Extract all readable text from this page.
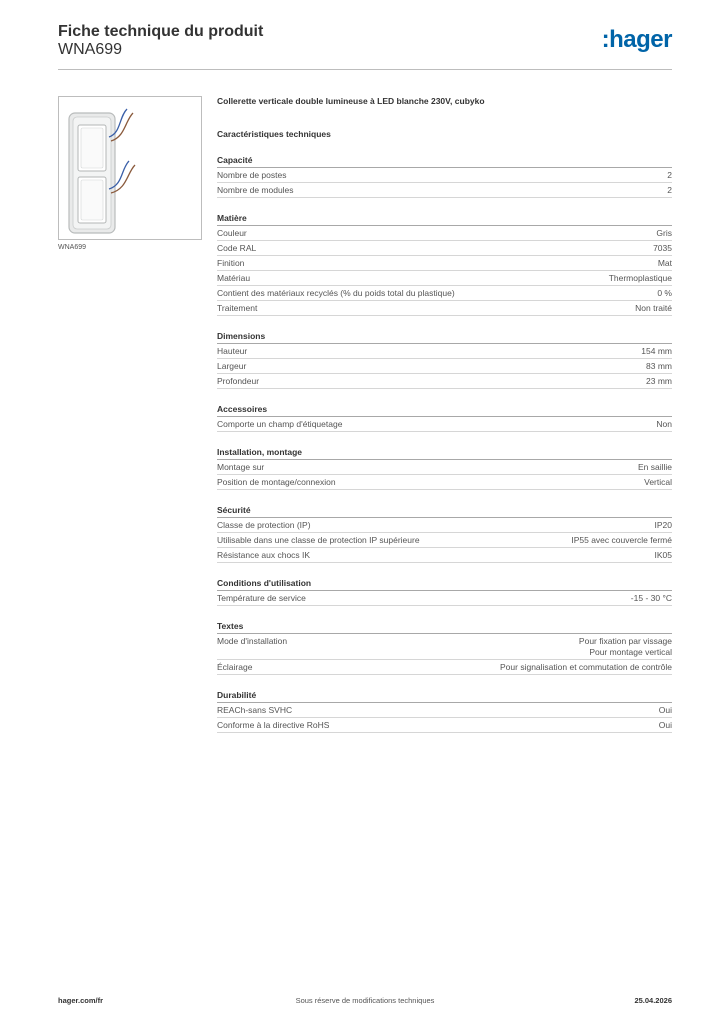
Fiche technique du produit
WNA699	:hager
WNA699
Collerette verticale double lumineuse à LED blanche 230V, cubyko
Caractéristiques techniques
Capacité
Nombre de postes	2
Nombre de modules	2
Matière
Couleur	Gris
Code RAL	7035
Finition	Mat
Matériau	Thermoplastique
Contient des matériaux recyclés (% du poids total du plastique)	0 %
Traitement	Non traité
Dimensions
Hauteur	154 mm
Largeur	83 mm
Profondeur	23 mm
Accessoires
Comporte un champ d'étiquetage	Non
Installation, montage
Montage sur	En saillie
Position de montage/connexion	Vertical
Sécurité
Classe de protection (IP)	IP20
Utilisable dans une classe de protection IP supérieure	IP55 avec couvercle fermé
Résistance aux chocs IK	IK05
Conditions d'utilisation
Température de service	-15 - 30 °C
Textes
Mode d'installation	Pour fixation par vissage
Pour montage vertical
Éclairage	Pour signalisation et commutation de contrôle
Durabilité
REACh-sans SVHC	Oui
Conforme à la directive RoHS	Oui
hager.com/fr	Sous réserve de modifications techniques	25.04.2026
